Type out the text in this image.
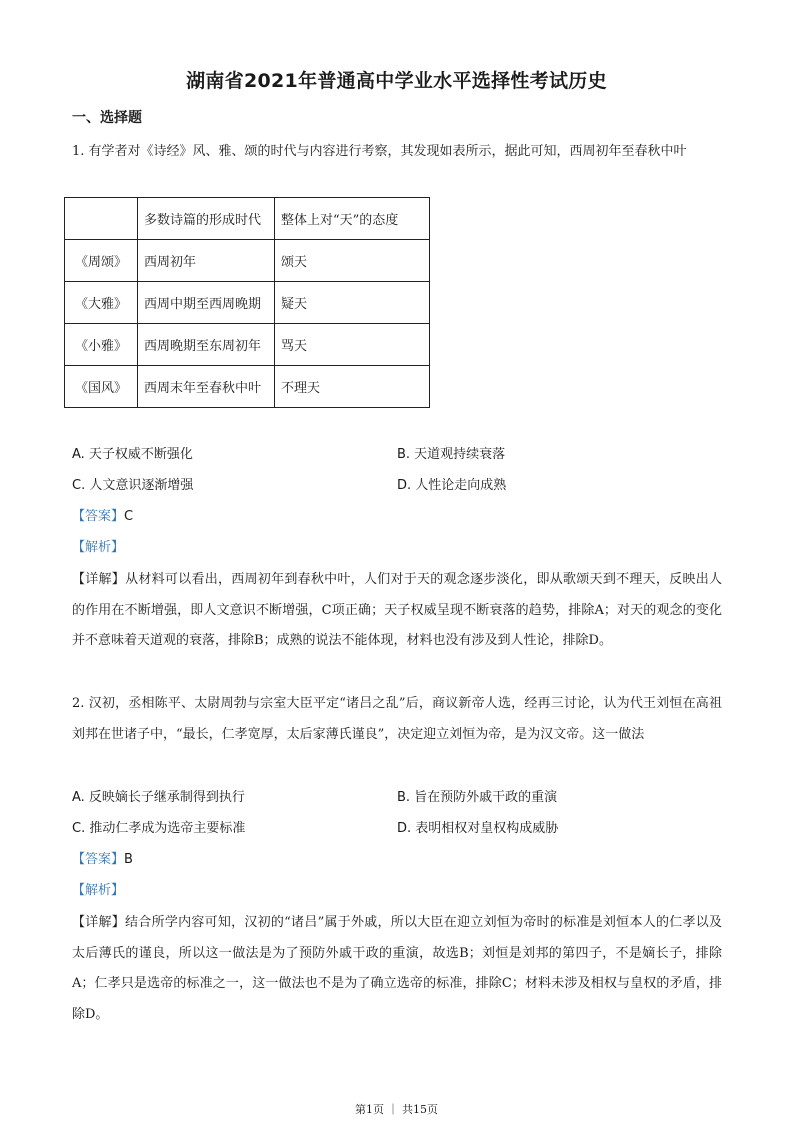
湖南省2021年普通高中学业水平选择性考试历史
一、选择题
1. 有学者对《诗经》风、雅、颂的时代与内容进行考察，其发现如表所示，据此可知，西周初年至春秋中叶
	多数诗篇的形成时代	整体上对“天”的态度
《周颂》	西周初年	颂天
《大雅》	西周中期至西周晚期	疑天
《小雅》	西周晚期至东周初年	骂天
《国风》	西周末年至春秋中叶	不理天
A. 天子权威不断强化	B. 天道观持续衰落
C. 人文意识逐渐增强	D. 人性论走向成熟
【答案】C
【解析】
【详解】从材料可以看出，西周初年到春秋中叶，人们对于天的观念逐步淡化，即从歌颂天到不理天，反映出人的作用在不断增强，即人文意识不断增强，C项正确；天子权威呈现不断衰落的趋势，排除A；对天的观念的变化并不意味着天道观的衰落，排除B；成熟的说法不能体现，材料也没有涉及到人性论，排除D。
2. 汉初，丞相陈平、太尉周勃与宗室大臣平定“诸吕之乱”后，商议新帝人选，经再三讨论，认为代王刘恒在高祖刘邦在世诸子中，“最长，仁孝宽厚，太后家薄氏谨良”，决定迎立刘恒为帝，是为汉文帝。这一做法
A. 反映嫡长子继承制得到执行	B. 旨在预防外戚干政的重演
C. 推动仁孝成为选帝主要标准	D. 表明相权对皇权构成威胁
【答案】B
【解析】
【详解】结合所学内容可知，汉初的“诸吕”属于外戚，所以大臣在迎立刘恒为帝时的标准是刘恒本人的仁孝以及太后薄氏的谨良，所以这一做法是为了预防外戚干政的重演，故选B；刘恒是刘邦的第四子，不是嫡长子，排除A；仁孝只是选帝的标准之一，这一做法也不是为了确立选帝的标准，排除C；材料未涉及相权与皇权的矛盾，排除D。
第1页 ｜ 共15页
